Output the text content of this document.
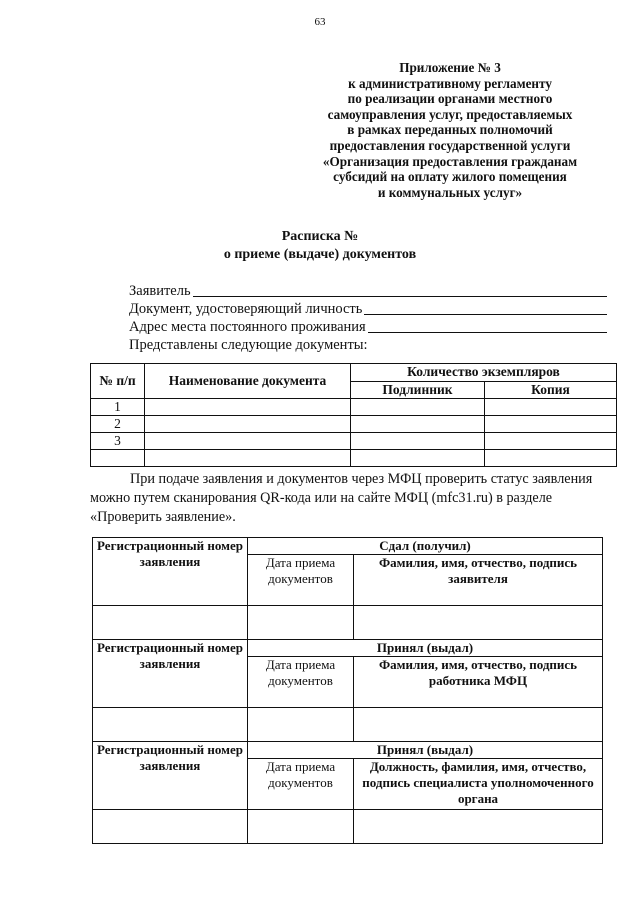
63
Приложение № 3
к административному регламенту
по реализации органами местного
самоуправления услуг, предоставляемых
в рамках переданных полномочий
предоставления государственной услуги
«Организация предоставления гражданам
субсидий на оплату жилого помещения
и коммунальных услуг»
Расписка №
о приеме (выдаче) документов
Заявитель
Документ, удостоверяющий личность
Адрес места постоянного проживания
Представлены следующие документы:
№ п/п	Наименование документа	Количество экземпляров	
		Подлинник	Копия
1			
2			
3			

При подаче заявления и документов через МФЦ проверить статус заявления
можно путем сканирования QR-кода или на сайте МФЦ (mfc31.ru) в разделе
«Проверить заявление».
Регистрационный номер заявления	Сдал (получил)	
	Дата приема документов	Фамилия, имя, отчество, подпись заявителя

Регистрационный номер заявления	Принял (выдал)	
	Дата приема документов	Фамилия, имя, отчество, подпись работника МФЦ

Регистрационный номер заявления	Принял (выдал)	
	Дата приема документов	Должность, фамилия, имя, отчество, подпись специалиста уполномоченного органа
